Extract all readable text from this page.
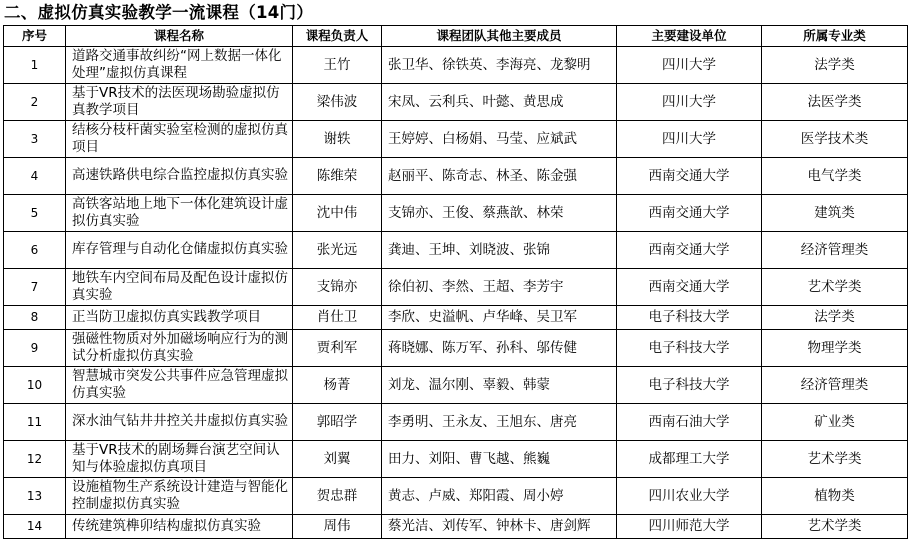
二、虚拟仿真实验教学一流课程（14门）
序号	课程名称	课程负责人	课程团队其他主要成员	主要建设单位	所属专业类
1	道路交通事故纠纷“网上数据一体化处理”虚拟仿真课程	王竹	张卫华、徐铁英、李海亮、龙黎明	四川大学	法学类
2	基于VR技术的法医现场勘验虚拟仿真教学项目	梁伟波	宋凤、云利兵、叶懿、黄思成	四川大学	法医学类
3	结核分枝杆菌实验室检测的虚拟仿真项目	谢轶	王婷婷、白杨娟、马莹、应斌武	四川大学	医学技术类
4	高速铁路供电综合监控虚拟仿真实验	陈维荣	赵丽平、陈奇志、林圣、陈金强	西南交通大学	电气学类
5	高铁客站地上地下一体化建筑设计虚拟仿真实验	沈中伟	支锦亦、王俊、蔡燕歆、林荣	西南交通大学	建筑类
6	库存管理与自动化仓储虚拟仿真实验	张光远	龚迪、王坤、刘晓波、张锦	西南交通大学	经济管理类
7	地铁车内空间布局及配色设计虚拟仿真实验	支锦亦	徐伯初、李然、王超、李芳宇	西南交通大学	艺术学类
8	正当防卫虚拟仿真实践教学项目	肖仕卫	李欣、史溢帆、卢华峰、吴卫军	电子科技大学	法学类
9	强磁性物质对外加磁场响应行为的测试分析虚拟仿真实验	贾利军	蒋晓娜、陈万军、孙科、邬传健	电子科技大学	物理学类
10	智慧城市突发公共事件应急管理虚拟仿真实验	杨菁	刘龙、温尔刚、辜毅、韩蒙	电子科技大学	经济管理类
11	深水油气钻井井控关井虚拟仿真实验	郭昭学	李勇明、王永友、王旭东、唐亮	西南石油大学	矿业类
12	基于VR技术的剧场舞台演艺空间认知与体验虚拟仿真项目	刘翼	田力、刘阳、曹飞越、熊巍	成都理工大学	艺术学类
13	设施植物生产系统设计建造与智能化控制虚拟仿真实验	贺忠群	黄志、卢威、郑阳霞、周小婷	四川农业大学	植物类
14	传统建筑榫卯结构虚拟仿真实验	周伟	蔡光洁、刘传军、钟林卡、唐剑辉	四川师范大学	艺术学类
